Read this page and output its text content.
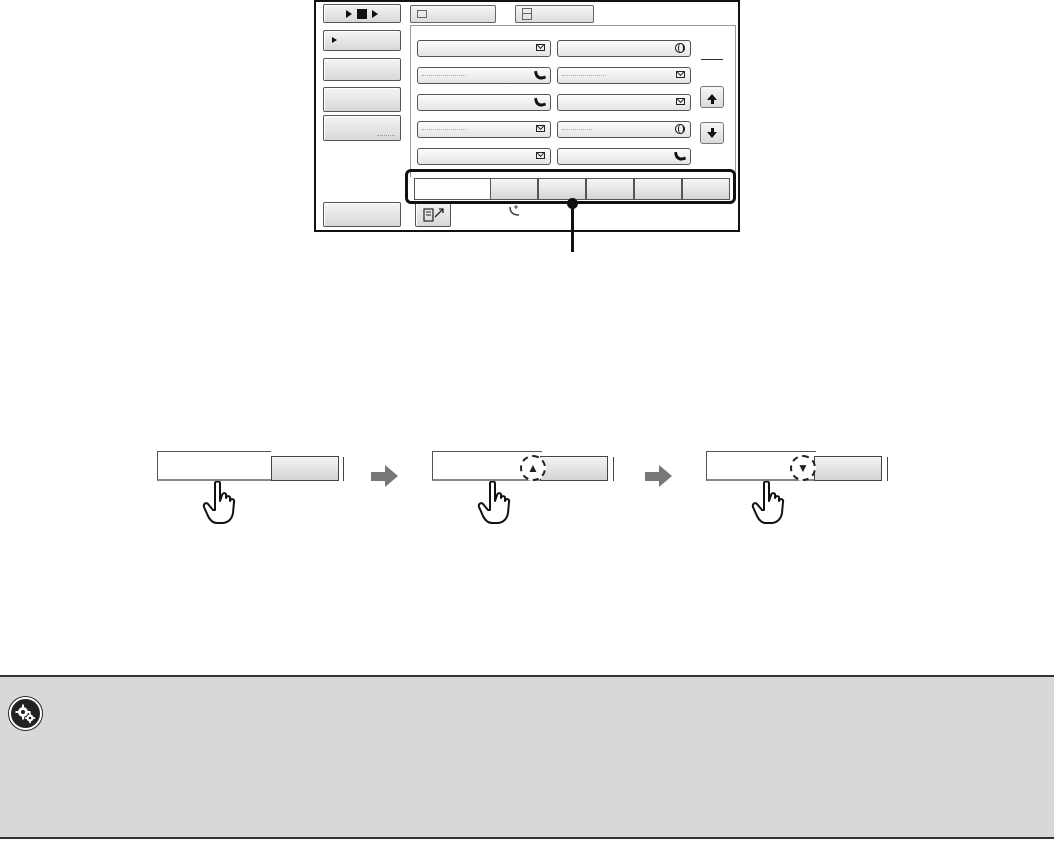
▲	▼
